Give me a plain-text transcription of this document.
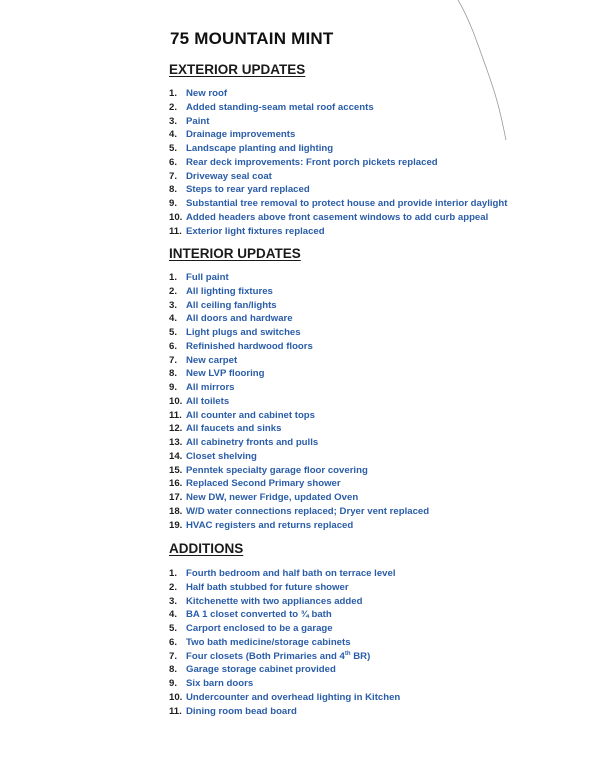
75 MOUNTAIN MINT
EXTERIOR UPDATES
1. New roof
2. Added standing-seam metal roof accents
3. Paint
4. Drainage improvements
5. Landscape planting and lighting
6. Rear deck improvements: Front porch pickets replaced
7. Driveway seal coat
8. Steps to rear yard replaced
9. Substantial tree removal to protect house and provide interior daylight
10. Added headers above front casement windows to add curb appeal
11. Exterior light fixtures replaced
INTERIOR UPDATES
1. Full paint
2. All lighting fixtures
3. All ceiling fan/lights
4. All doors and hardware
5. Light plugs and switches
6. Refinished hardwood floors
7. New carpet
8. New LVP flooring
9. All mirrors
10. All toilets
11. All counter and cabinet tops
12. All faucets and sinks
13. All cabinetry fronts and pulls
14. Closet shelving
15. Penntek specialty garage floor covering
16. Replaced Second Primary shower
17. New DW, newer Fridge, updated Oven
18. W/D water connections replaced; Dryer vent replaced
19. HVAC registers and returns replaced
ADDITIONS
1. Fourth bedroom and half bath on terrace level
2. Half bath stubbed for future shower
3. Kitchenette with two appliances added
4. BA 1 closet converted to ¾ bath
5. Carport enclosed to be a garage
6. Two bath medicine/storage cabinets
7. Four closets (Both Primaries and 4th BR)
8. Garage storage cabinet provided
9. Six barn doors
10. Undercounter and overhead lighting in Kitchen
11. Dining room bead board
